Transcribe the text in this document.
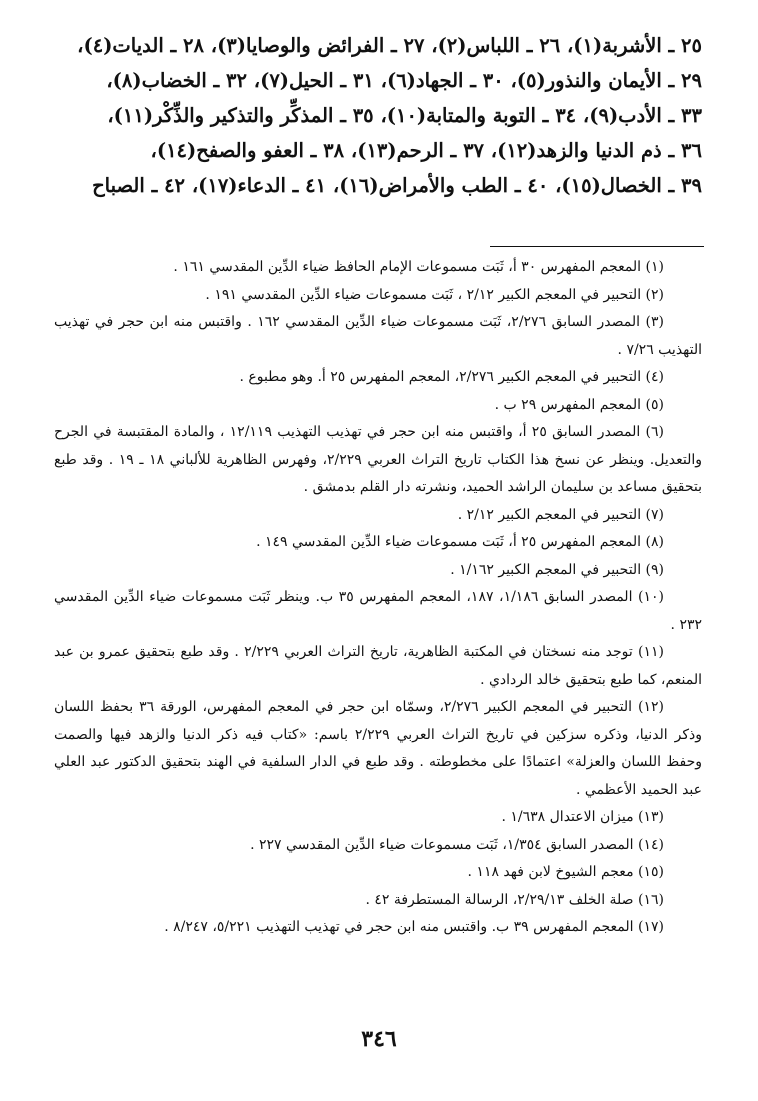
٢٥ ـ الأشربة(١)، ٢٦ ـ اللباس(٢)، ٢٧ ـ الفرائض والوصايا(٣)، ٢٨ ـ الديات(٤)،
٢٩ ـ الأيمان والنذور(٥)، ٣٠ ـ الجهاد(٦)، ٣١ ـ الحيل(٧)، ٣٢ ـ الخضاب(٨)،
٣٣ ـ الأدب(٩)، ٣٤ ـ التوبة والمتابة(١٠)، ٣٥ ـ المذكِّر والتذكير والذِّكْر(١١)،
٣٦ ـ ذم الدنيا والزهد(١٢)، ٣٧ ـ الرحم(١٣)، ٣٨ ـ العفو والصفح(١٤)،
٣٩ ـ الخصال(١٥)، ٤٠ ـ الطب والأمراض(١٦)، ٤١ ـ الدعاء(١٧)، ٤٢ ـ الصباح

(١) المعجم المفهرس ٣٠ أ، ثَبَت مسموعات الإمام الحافظ ضياء الدِّين المقدسي ١٦١ .

(٢) التحبير في المعجم الكبير ٢/١٢ ، ثَبَت مسموعات ضياء الدِّين المقدسي ١٩١ .

(٣) المصدر السابق ٢/٢٧٦، ثَبَت مسموعات ضياء الدِّين المقدسي ١٦٢ . واقتبس منه ابن حجر في تهذيب التهذيب ٧/٢٦ .

(٤) التحبير في المعجم الكبير ٢/٢٧٦، المعجم المفهرس ٢٥ أ. وهو مطبوع .

(٥) المعجم المفهرس ٢٩ ب .

(٦) المصدر السابق ٢٥ أ، واقتبس منه ابن حجر في تهذيب التهذيب ١٢/١١٩ ، والمادة المقتبسة في الجرح والتعديل. وينظر عن نسخ هذا الكتاب تاريخ التراث العربي ٢/٢٢٩، وفهرس الظاهرية للألباني ١٨ ـ ١٩ . وقد طبع بتحقيق مساعد بن سليمان الراشد الحميد، ونشرته دار القلم بدمشق .

(٧) التحبير في المعجم الكبير ٢/١٢ .

(٨) المعجم المفهرس ٢٥ أ، ثَبَت مسموعات ضياء الدِّين المقدسي ١٤٩ .

(٩) التحبير في المعجم الكبير ١/١٦٢ .

(١٠) المصدر السابق ١/١٨٦، ١٨٧، المعجم المفهرس ٣٥ ب. وينظر ثَبَت مسموعات ضياء الدِّين المقدسي ٢٣٢ .

(١١) توجد منه نسختان في المكتبة الظاهرية، تاريخ التراث العربي ٢/٢٢٩ . وقد طبع بتحقيق عمرو بن عبد المنعم، كما طبع بتحقيق خالد الردادي .

(١٢) التحبير في المعجم الكبير ٢/٢٧٦، وسمّاه ابن حجر في المعجم المفهرس، الورقة ٣٦ بحفظ اللسان وذكر الدنيا، وذكره سزكين في تاريخ التراث العربي ٢/٢٢٩ باسم: «كتاب فيه ذكر الدنيا والزهد فيها والصمت وحفظ اللسان والعزلة» اعتمادًا على مخطوطته . وقد طبع في الدار السلفية في الهند بتحقيق الدكتور عبد العلي عبد الحميد الأعظمي .

(١٣) ميزان الاعتدال ١/٦٣٨ .

(١٤) المصدر السابق ١/٣٥٤، ثَبَت مسموعات ضياء الدِّين المقدسي ٢٢٧ .

(١٥) معجم الشيوخ لابن فهد ١١٨ .

(١٦) صلة الخلف ٢/٢٩/١٣، الرسالة المستطرفة ٤٢ .

(١٧) المعجم المفهرس ٣٩ ب. واقتبس منه ابن حجر في تهذيب التهذيب ٥/٢٢١، ٨/٢٤٧ .

٣٤٦
